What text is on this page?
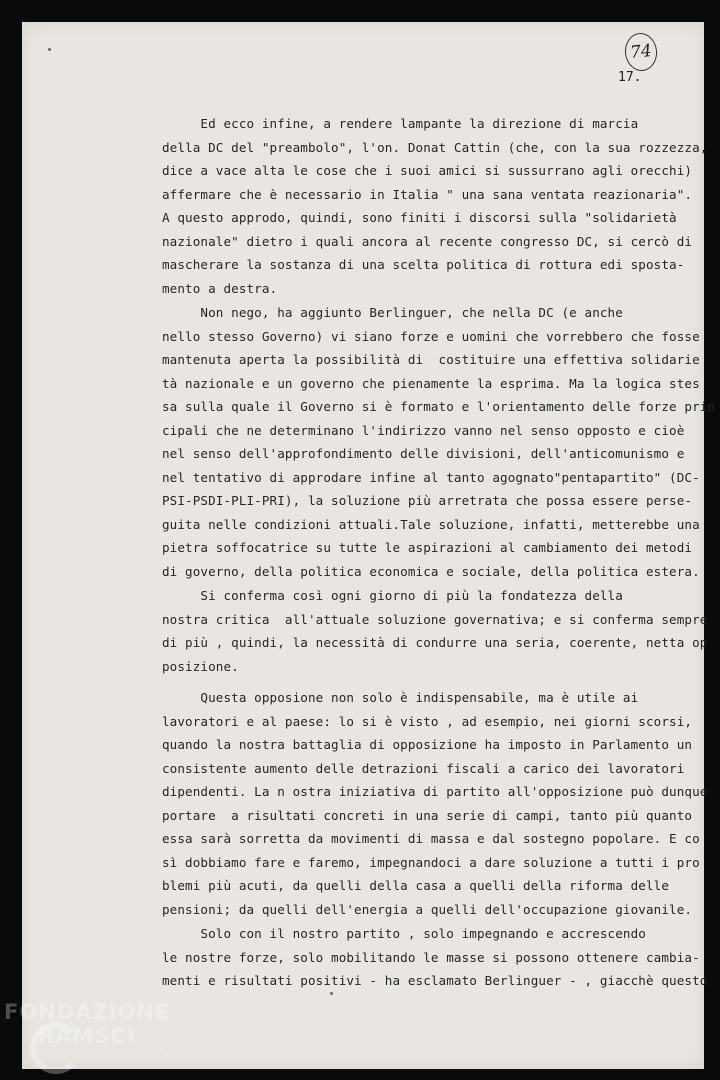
74
17.
Ed ecco infine, a rendere lampante la direzione di marcia
della DC del "preambolo", l'on. Donat Cattin (che, con la sua rozzezza,
dice a vace alta le cose che i suoi amici si sussurrano agli orecchi)
affermare che è necessario in Italia " una sana ventata reazionaria".
A questo approdo, quindi, sono finiti i discorsi sulla "solidarietà
nazionale" dietro i quali ancora al recente congresso DC, si cercò di
mascherare la sostanza di una scelta politica di rottura edi sposta-
mento a destra.
Non nego, ha aggiunto Berlinguer, che nella DC (e anche
nello stesso Governo) vi siano forze e uomini che vorrebbero che fosse
mantenuta aperta la possibilità di  costituire una effettiva solidarie
tà nazionale e un governo che pienamente la esprima. Ma la logica stes
sa sulla quale il Governo si è formato e l'orientamento delle forze prin
cipali che ne determinano l'indirizzo vanno nel senso opposto e cioè
nel senso dell'approfondimento delle divisioni, dell'anticomunismo e
nel tentativo di approdare infine al tanto agognato"pentapartito" (DC-
PSI-PSDI-PLI-PRI), la soluzione più arretrata che possa essere perse-
guita nelle condizioni attuali.Tale soluzione, infatti, metterebbe una
pietra soffocatrice su tutte le aspirazioni al cambiamento dei metodi
di governo, della politica economica e sociale, della politica estera.
Si conferma così ogni giorno di più la fondatezza della
nostra critica  all'attuale soluzione governativa; e si conferma sempre
di più , quindi, la necessità di condurre una seria, coerente, netta op
posizione.
Questa opposione non solo è indispensabile, ma è utile ai
lavoratori e al paese: lo si è visto , ad esempio, nei giorni scorsi,
quando la nostra battaglia di opposizione ha imposto in Parlamento un
consistente aumento delle detrazioni fiscali a carico dei lavoratori
dipendenti. La n ostra iniziativa di partito all'opposizione può dunque
portare  a risultati concreti in una serie di campi, tanto più quanto
essa sarà sorretta da movimenti di massa e dal sostegno popolare. E co
sì dobbiamo fare e faremo, impegnandoci a dare soluzione a tutti i pro
blemi più acuti, da quelli della casa a quelli della riforma delle
pensioni; da quelli dell'energia a quelli dell'occupazione giovanile.
Solo con il nostro partito , solo impegnando e accrescendo
le nostre forze, solo mobilitando le masse si possono ottenere cambia-
menti e risultati positivi - ha esclamato Berlinguer - , giacchè questo
FONDAZIONE
RAMSCI
onlus
